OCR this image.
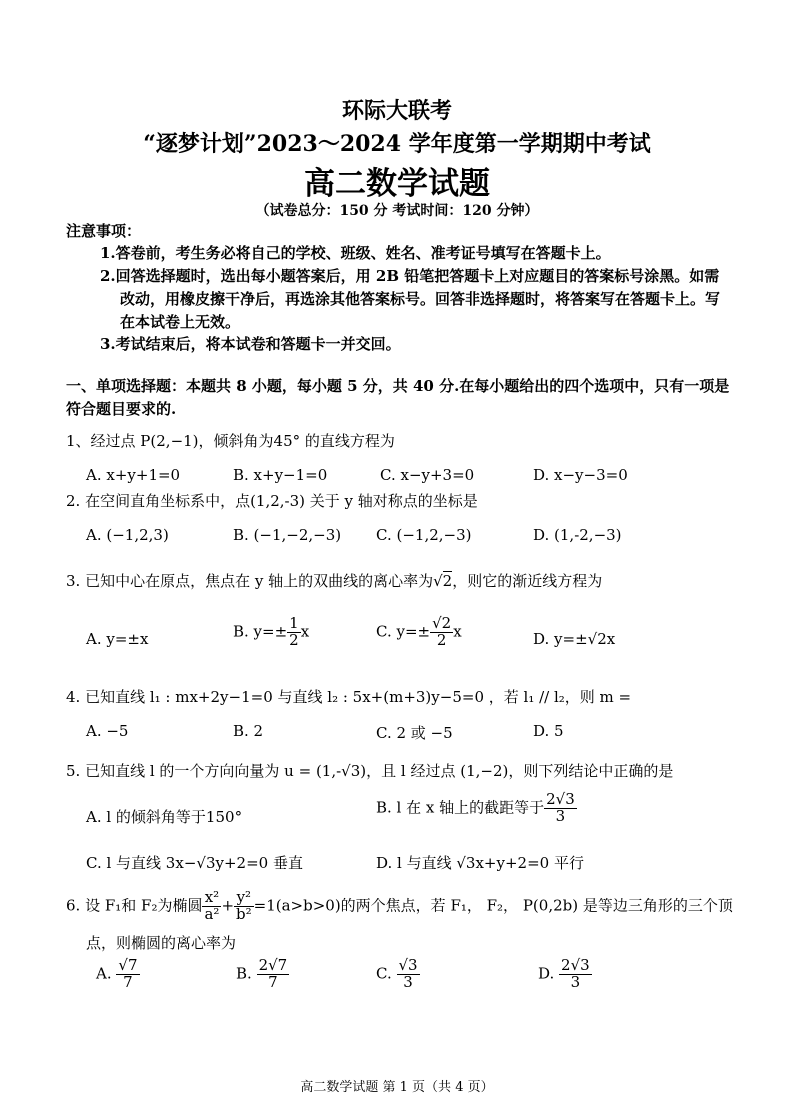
环际大联考
“逐梦计划”2023～2024 学年度第一学期期中考试
高二数学试题
（试卷总分：150 分 考试时间：120 分钟）
注意事项：
1.答卷前，考生务必将自己的学校、班级、姓名、准考证号填写在答题卡上。
2.回答选择题时，选出每小题答案后，用 2B 铅笔把答题卡上对应题目的答案标号涂黑。如需
改动，用橡皮擦干净后，再选涂其他答案标号。回答非选择题时，将答案写在答题卡上。写
在本试卷上无效。
3.考试结束后，将本试卷和答题卡一并交回。
一、单项选择题：本题共 8 小题，每小题 5 分，共 40 分.在每小题给出的四个选项中，只有一项是
符合题目要求的.
1、经过点 P(2,−1)，倾斜角为45° 的直线方程为
A. x+y+1=0	B. x+y−1=0	C. x−y+3=0	D. x−y−3=0
2. 在空间直角坐标系中，点(1,2,-3) 关于 y 轴对称点的坐标是
A. (−1,2,3)	B. (−1,−2,−3) C. (−1,2,−3)	D. (1,-2,−3)
3. 已知中心在原点，焦点在 y 轴上的双曲线的离心率为√2，则它的渐近线方程为
A. y=±x	B. $y=\pm \frac{1}{2}$ x	C. $y=\pm \frac{√2}{2}$ x	D. y=±√2x
4. 已知直线 l₁ : mx+2y−1=0 与直线 l₂ : 5x+(m+3)y−5=0 ，若 l₁ // l₂，则 m =
A. −5	B. 2	C. 2 或 −5	D. 5
5. 已知直线 l 的一个方向向量为 u = (1,-√3)，且 l 经过点 (1,−2)，则下列结论中正确的是
A. l 的倾斜角等于150°
B. l 在 x 轴上的截距等于 $\frac{2√3}{3}$
C. l 与直线 3x−√3y+2=0 垂直	D. l 与直线 √3x+y+2=0 平行
6. 设 F₁和 F₂为椭圆 $\frac{\text{x²}}{\text{a²}} + \frac{\text{y²}}{\text{b²}} =1(a>b>0)$的两个焦点，若 F₁， F₂， P(0,2b) 是等边三角形的三个顶
点，则椭圆的离心率为
A. $\frac{√7}{7}$	B. $\frac{2√7}{7}$	C. $\frac{√3}{3}$	D. $\frac{2√3}{3}$
高二数学试题 第 1 页（共 4 页）
